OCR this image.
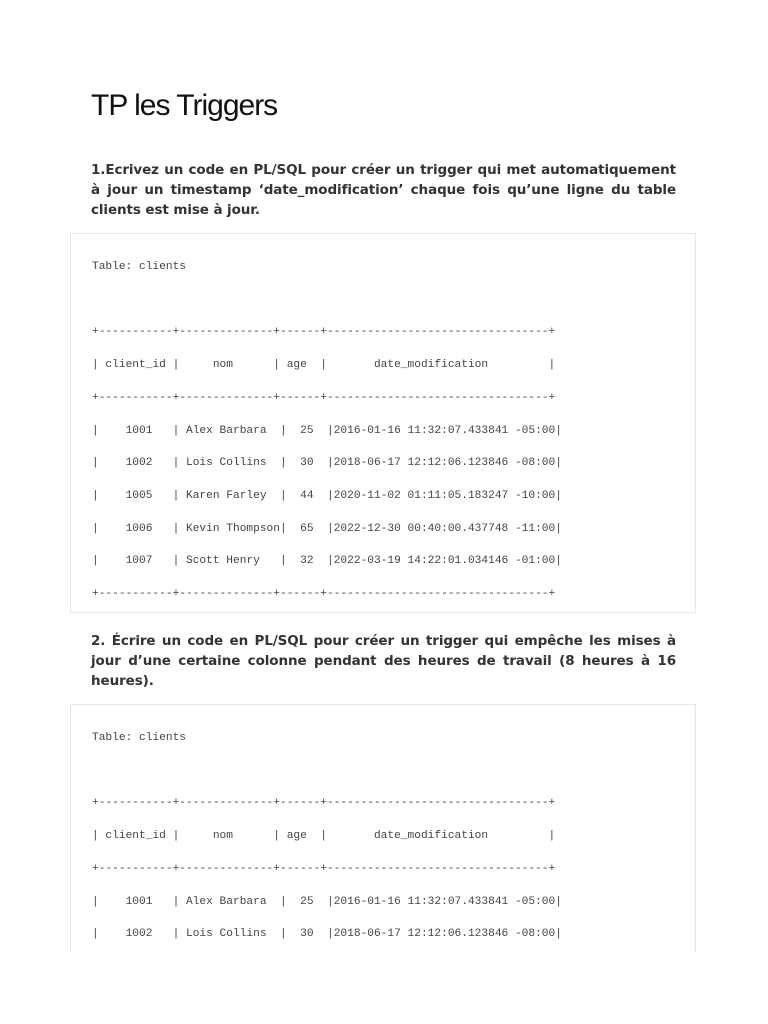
TP les Triggers

1.Ecrivez un code en PL/SQL pour créer un trigger qui met automatiquement à jour un timestamp ‘date_modification’ chaque fois qu’une ligne du table clients est mise à jour.

Table: clients

+-----------+--------------+------+---------------------------------+
| client_id |     nom      | age  |       date_modification         |
+-----------+--------------+------+---------------------------------+
|    1001   | Alex Barbara  |  25  |2016-01-16 11:32:07.433841 -05:00|
|    1002   | Lois Collins  |  30  |2018-06-17 12:12:06.123846 -08:00|
|    1005   | Karen Farley  |  44  |2020-11-02 01:11:05.183247 -10:00|
|    1006   | Kevin Thompson|  65  |2022-12-30 00:40:00.437748 -11:00|
|    1007   | Scott Henry   |  32  |2022-03-19 14:22:01.034146 -01:00|
+-----------+--------------+------+---------------------------------+

2. Écrire un code en PL/SQL pour créer un trigger qui empêche les mises à jour d’une certaine colonne pendant des heures de travail (8 heures à 16 heures).

Table: clients

+-----------+--------------+------+---------------------------------+
| client_id |     nom      | age  |       date_modification         |
+-----------+--------------+------+---------------------------------+
|    1001   | Alex Barbara  |  25  |2016-01-16 11:32:07.433841 -05:00|
|    1002   | Lois Collins  |  30  |2018-06-17 12:12:06.123846 -08:00|
